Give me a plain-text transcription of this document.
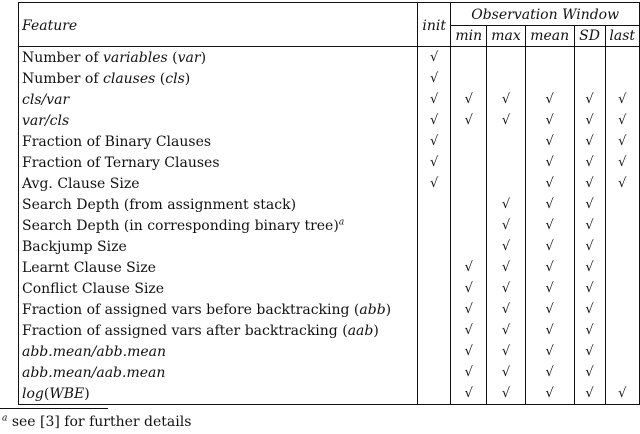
Feature	init	Observation Window				
		min	max	mean	SD	last
Number of variables (var)	√					
Number of clauses (cls)	√					
cls/var	√	√	√	√	√	√
var/cls	√	√	√	√	√	√
Fraction of Binary Clauses	√			√	√	√
Fraction of Ternary Clauses	√			√	√	√
Avg. Clause Size	√			√	√	√
Search Depth (from assignment stack)			√	√	√	
Search Depth (in corresponding binary tree)$^a$			√	√	√	
Backjump Size			√	√	√	
Learnt Clause Size		√	√	√	√	
Conflict Clause Size		√	√	√	√	
Fraction of assigned vars before backtracking (abb)		√	√	√	√	
Fraction of assigned vars after backtracking (aab)		√	√	√	√	
abb.mean/abb.mean		√	√	√	√	
abb.mean/aab.mean		√	√	√	√	
log(WBE)		√	√	√	√	√
$^a$ see [3] for further details
